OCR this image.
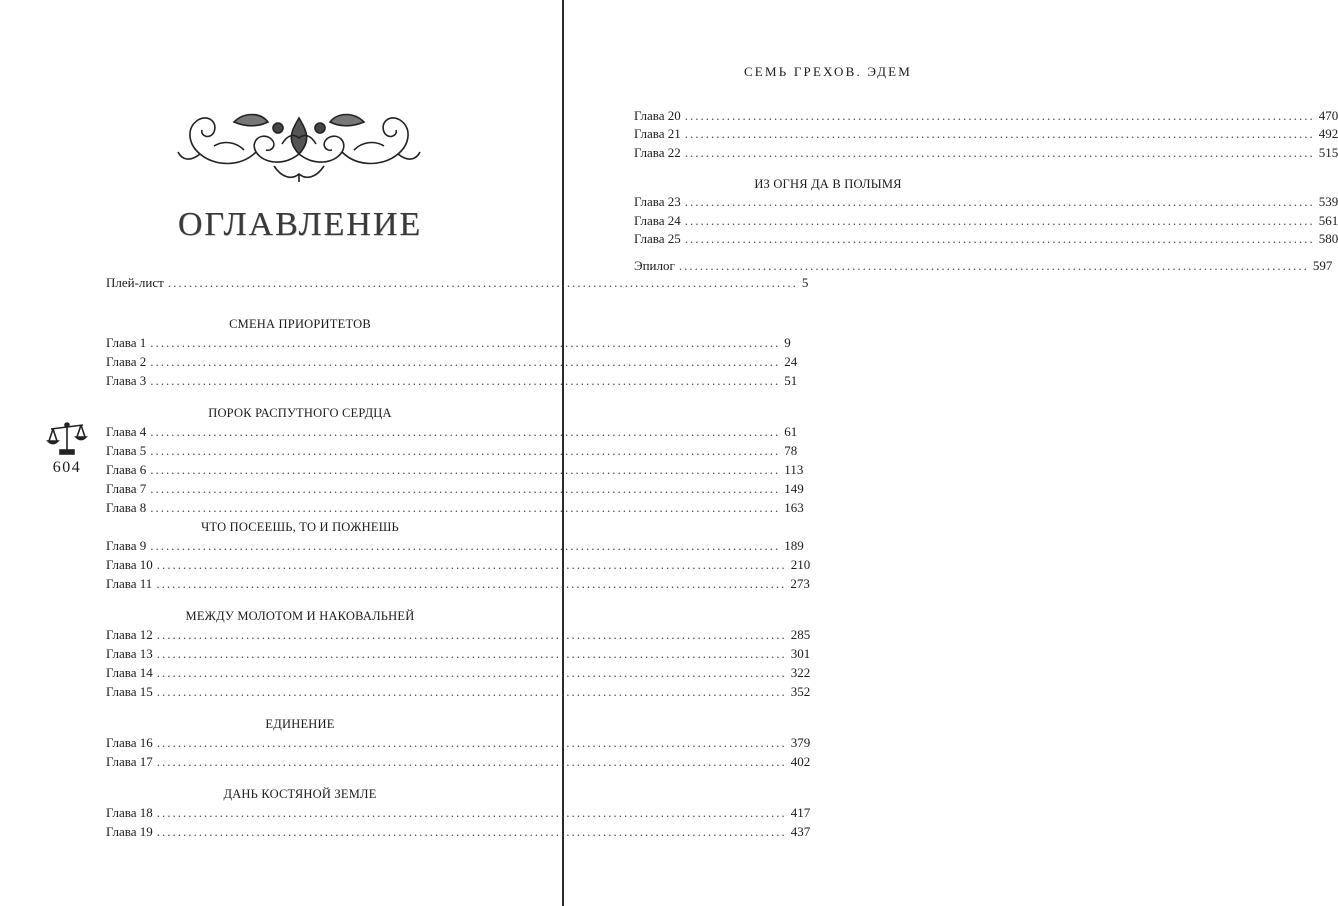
ОГЛАВЛЕНИЕ
СЕМЬ ГРЕХОВ. ЭДЕМ
604
Плей-лист ........................................................................................................................ 5
СМЕНА ПРИОРИТЕТОВ
Глава 1 ........................................................................................................................ 9
Глава 2 ........................................................................................................................ 24
Глава 3 ........................................................................................................................ 51
ПОРОК РАСПУТНОГО СЕРДЦА
Глава 4 ........................................................................................................................ 61
Глава 5 ........................................................................................................................ 78
Глава 6 ........................................................................................................................ 113
Глава 7 ........................................................................................................................ 149
Глава 8 ........................................................................................................................ 163
ЧТО ПОСЕЕШЬ, ТО И ПОЖНЕШЬ
Глава 9 ........................................................................................................................ 189
Глава 10 ........................................................................................................................ 210
Глава 11 ........................................................................................................................ 273
МЕЖДУ МОЛОТОМ И НАКОВАЛЬНЕЙ
Глава 12 ........................................................................................................................ 285
Глава 13 ........................................................................................................................ 301
Глава 14 ........................................................................................................................ 322
Глава 15 ........................................................................................................................ 352
ЕДИНЕНИЕ
Глава 16 ........................................................................................................................ 379
Глава 17 ........................................................................................................................ 402
ДАНЬ КОСТЯНОЙ ЗЕМЛЕ
Глава 18 ........................................................................................................................ 417
Глава 19 ........................................................................................................................ 437
Глава 20 ........................................................................................................................ 470
Глава 21 ........................................................................................................................ 492
Глава 22 ........................................................................................................................ 515
ИЗ ОГНЯ ДА В ПОЛЫМЯ
Глава 23 ........................................................................................................................ 539
Глава 24 ........................................................................................................................ 561
Глава 25 ........................................................................................................................ 580
Эпилог ........................................................................................................................ 597
